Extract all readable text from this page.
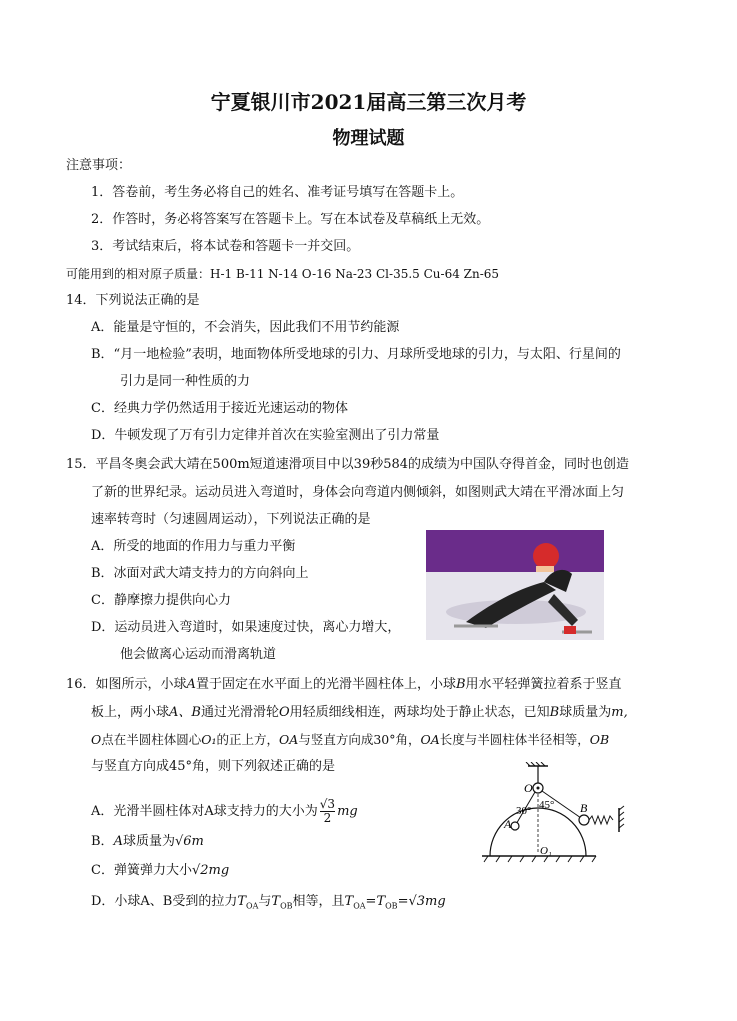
宁夏银川市2021届高三第三次月考
物理试题
注意事项：
1．答卷前，考生务必将自己的姓名、准考证号填写在答题卡上。
2．作答时，务必将答案写在答题卡上。写在本试卷及草稿纸上无效。
3．考试结束后，将本试卷和答题卡一并交回。
可能用到的相对原子质量：H-1 B-11 N-14 O-16 Na-23 Cl-35.5 Cu-64 Zn-65
14．下列说法正确的是
A．能量是守恒的，不会消失，因此我们不用节约能源
B．“月一地检验”表明，地面物体所受地球的引力、月球所受地球的引力，与太阳、行星间的
引力是同一种性质的力
C．经典力学仍然适用于接近光速运动的物体
D．牛顿发现了万有引力定律并首次在实验室测出了引力常量
15．平昌冬奥会武大靖在500m短道速滑项目中以39秒584的成绩为中国队夺得首金，同时也创造
了新的世界纪录。运动员进入弯道时，身体会向弯道内侧倾斜，如图则武大靖在平滑冰面上匀
速率转弯时（匀速圆周运动），下列说法正确的是
A．所受的地面的作用力与重力平衡
B．冰面对武大靖支持力的方向斜向上
C．静摩擦力提供向心力
D．运动员进入弯道时，如果速度过快，离心力增大，
他会做离心运动而滑离轨道
16．如图所示，小球A置于固定在水平面上的光滑半圆柱体上，小球B用水平轻弹簧拉着系于竖直
板上，两小球A、B通过光滑滑轮O用轻质细线相连，两球均处于静止状态，已知B球质量为m,
O点在半圆柱体圆心O₁的正上方，OA与竖直方向成30°角，OA长度与半圆柱体半径相等，OB
与竖直方向成45°角，则下列叙述正确的是
A．光滑半圆柱体对A球支持力的大小为 $\frac{√3}{2}$ mg
B．A球质量为√6m
C．弹簧弹力大小√2mg
D．小球A、B受到的拉力$T_{OA}$与$T_{OB}$相等，且$T_{OA}=T_{OB}=√3mg$
O
A
B
O₁
30° 45°
